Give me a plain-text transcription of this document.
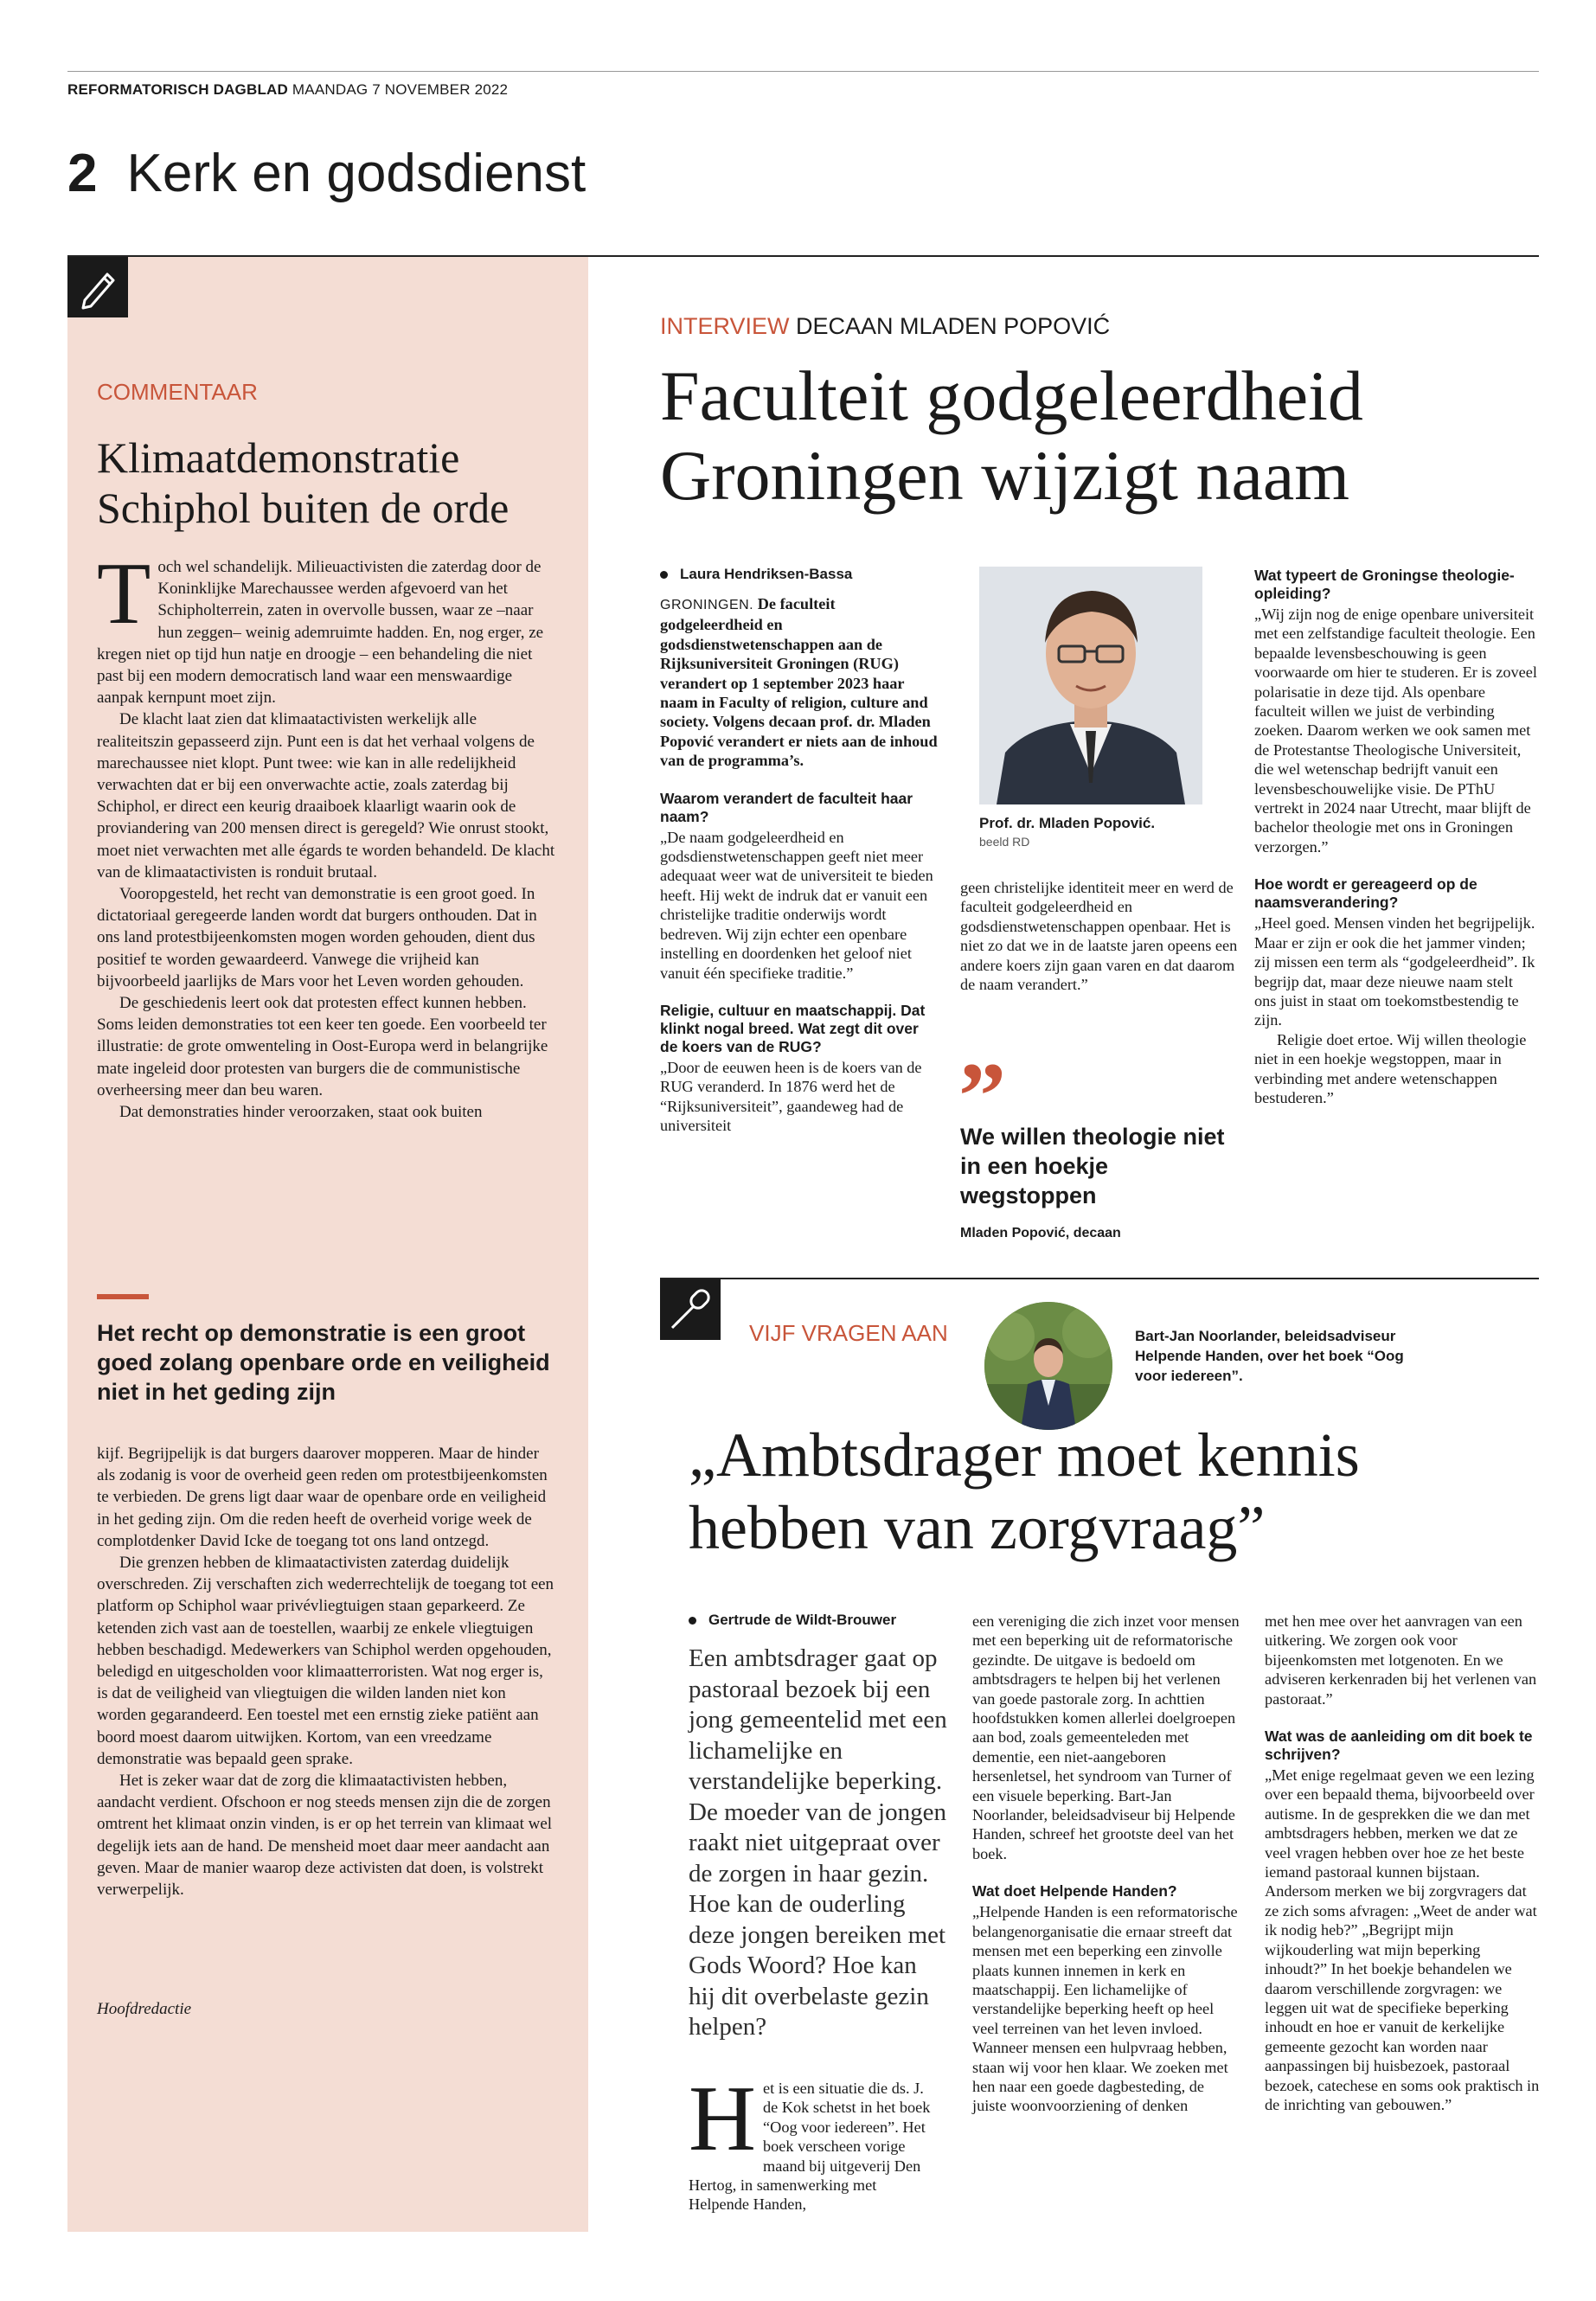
REFORMATORISCH DAGBLAD MAANDAG 7 NOVEMBER 2022
2 Kerk en godsdienst
COMMENTAAR
Klimaatdemonstratie Schiphol buiten de orde

Toch wel schandelijk. Milieuactivisten die zaterdag door de Koninklijke Marechaussee werden afgevoerd van het Schipholterrein, zaten in overvolle bussen, waar ze –naar hun zeggen– weinig ademruimte hadden. En, nog erger, ze kregen niet op tijd hun natje en droogje – een behandeling die niet past bij een modern democratisch land waar een menswaardige aanpak kernpunt moet zijn.

De klacht laat zien dat klimaatactivisten werkelijk alle realiteitszin gepasseerd zijn. Punt een is dat het verhaal volgens de marechaussee niet klopt. Punt twee: wie kan in alle redelijkheid verwachten dat er bij een onverwachte actie, zoals zaterdag bij Schiphol, er direct een keurig draaiboek klaarligt waarin ook de proviandering van 200 mensen direct is geregeld? Wie onrust stookt, moet niet verwachten met alle égards te worden behandeld. De klacht van de klimaatactivisten is ronduit brutaal.

Vooropgesteld, het recht van demonstratie is een groot goed. In dictatoriaal geregeerde landen wordt dat burgers onthouden. Dat in ons land protestbijeenkomsten mogen worden gehouden, dient dus positief te worden gewaardeerd. Vanwege die vrijheid kan bijvoorbeeld jaarlijks de Mars voor het Leven worden gehouden.

De geschiedenis leert ook dat protesten effect kunnen hebben. Soms leiden demonstraties tot een keer ten goede. Een voorbeeld ter illustratie: de grote omwenteling in Oost-Europa werd in belangrijke mate ingeleid door protesten van burgers die de communistische overheersing meer dan beu waren.

Dat demonstraties hinder veroorzaken, staat ook buiten

Het recht op demonstratie is een groot goed zolang openbare orde en veiligheid niet in het geding zijn

kijf. Begrijpelijk is dat burgers daarover mopperen. Maar de hinder als zodanig is voor de overheid geen reden om protestbijeenkomsten te verbieden. De grens ligt daar waar de openbare orde en veiligheid in het geding zijn. Om die reden heeft de overheid vorige week de complotdenker David Icke de toegang tot ons land ontzegd.

Die grenzen hebben de klimaatactivisten zaterdag duidelijk overschreden. Zij verschaften zich wederrechtelijk de toegang tot een platform op Schiphol waar privévliegtuigen staan geparkeerd. Ze ketenden zich vast aan de toestellen, waarbij ze enkele vliegtuigen hebben beschadigd. Medewerkers van Schiphol werden opgehouden, beledigd en uitgescholden voor klimaatterroristen. Wat nog erger is, is dat de veiligheid van vliegtuigen die wilden landen niet kon worden gegarandeerd. Een toestel met een ernstig zieke patiënt aan boord moest daarom uitwijken. Kortom, van een vreedzame demonstratie was bepaald geen sprake.

Het is zeker waar dat de zorg die klimaatactivisten hebben, aandacht verdient. Ofschoon er nog steeds mensen zijn die de zorgen omtrent het klimaat onzin vinden, is er op het terrein van klimaat wel degelijk iets aan de hand. De mensheid moet daar meer aandacht aan geven. Maar de manier waarop deze activisten dat doen, is volstrekt verwerpelijk.

Hoofdredactie
INTERVIEW DECAAN MLADEN POPOVIĆ
Faculteit godgeleerdheid Groningen wijzigt naam
Laura Hendriksen-Bassa

GRONINGEN. De faculteit godgeleerdheid en godsdienstwetenschappen aan de Rijksuniversiteit Groningen (RUG) verandert op 1 september 2023 haar naam in Faculty of religion, culture and society. Volgens decaan prof. dr. Mladen Popović verandert er niets aan de inhoud van de programma’s.

Waarom verandert de faculteit haar naam?

„De naam godgeleerdheid en godsdienstwetenschappen geeft niet meer adequaat weer wat de universiteit te bieden heeft. Hij wekt de indruk dat er vanuit een christelijke traditie onderwijs wordt bedreven. Wij zijn echter een openbare instelling en doordenken het geloof niet vanuit één specifieke traditie.”

Religie, cultuur en maatschappij. Dat klinkt nogal breed. Wat zegt dit over de koers van de RUG?

„Door de eeuwen heen is de koers van de RUG veranderd. In 1876 werd het de “Rijksuniversiteit”, gaandeweg had de universiteit

Prof. dr. Mladen Popović. beeld RD

geen christelijke identiteit meer en werd de faculteit godgeleerdheid en godsdienstwetenschappen openbaar. Het is niet zo dat we in de laatste jaren opeens een andere koers zijn gaan varen en dat daarom de naam verandert.”

”
We willen theologie niet in een hoekje wegstoppen
Mladen Popović, decaan
Wat typeert de Groningse theologie-opleiding?

„Wij zijn nog de enige openbare universiteit met een zelfstandige faculteit theologie. Een bepaalde levensbeschouwing is geen voorwaarde om hier te studeren. Er is zoveel polarisatie in deze tijd. Als openbare faculteit willen we juist de verbinding zoeken. Daarom werken we ook samen met de Protestantse Theologische Universiteit, die wel wetenschap bedrijft vanuit een levensbeschouwelijke visie. De PThU vertrekt in 2024 naar Utrecht, maar blijft de bachelor theologie met ons in Groningen verzorgen.”

Hoe wordt er gereageerd op de naamsverandering?

„Heel goed. Mensen vinden het begrijpelijk. Maar er zijn er ook die het jammer vinden; zij missen een term als “godgeleerdheid”. Ik begrijp dat, maar deze nieuwe naam stelt ons juist in staat om toekomstbestendig te zijn.

Religie doet ertoe. Wij willen theologie niet in een hoekje wegstoppen, maar in verbinding met andere wetenschappen bestuderen.”

VIJF VRAGEN AAN	Bart-Jan Noorlander, beleidsadviseur Helpende Handen, over het boek “Oog voor iedereen”.
„Ambtsdrager moet kennis hebben van zorgvraag”
Gertrude de Wildt-Brouwer
Een ambtsdrager gaat op pastoraal bezoek bij een jong gemeentelid met een lichamelijke en verstandelijke beperking. De moeder van de jongen raakt niet uitgepraat over de zorgen in haar gezin. Hoe kan de ouderling deze jongen bereiken met Gods Woord? Hoe kan hij dit overbelaste gezin helpen?

Het is een situatie die ds. J. de Kok schetst in het boek “Oog voor iedereen”. Het boek verscheen vorige maand bij uitgeverij Den Hertog, in samenwerking met Helpende Handen,

een vereniging die zich inzet voor mensen met een beperking uit de reformatorische gezindte. De uitgave is bedoeld om ambtsdragers te helpen bij het verlenen van goede pastorale zorg. In achttien hoofdstukken komen allerlei doelgroepen aan bod, zoals gemeenteleden met dementie, een niet-aangeboren hersenletsel, het syndroom van Turner of een visuele beperking. Bart-Jan Noorlander, beleidsadviseur bij Helpende Handen, schreef het grootste deel van het boek.

Wat doet Helpende Handen?

„Helpende Handen is een reformatorische belangenorganisatie die ernaar streeft dat mensen met een beperking een zinvolle plaats kunnen innemen in kerk en maatschappij. Een lichamelijke of verstandelijke beperking heeft op heel veel terreinen van het leven invloed. Wanneer mensen een hulpvraag hebben, staan wij voor hen klaar. We zoeken met hen naar een goede dagbesteding, de juiste woonvoorziening of denken

met hen mee over het aanvragen van een uitkering. We zorgen ook voor bijeenkomsten met lotgenoten. En we adviseren kerkenraden bij het verlenen van pastoraat.”

Wat was de aanleiding om dit boek te schrijven?

„Met enige regelmaat geven we een lezing over een bepaald thema, bijvoorbeeld over autisme. In de gesprekken die we dan met ambtsdragers hebben, merken we dat ze veel vragen hebben over hoe ze het beste iemand pastoraal kunnen bijstaan. Andersom merken we bij zorgvragers dat ze zich soms afvragen: „Weet de ander wat ik nodig heb?” „Begrijpt mijn wijkouderling wat mijn beperking inhoudt?” In het boekje behandelen we daarom verschillende zorgvragen: we leggen uit wat de specifieke beperking inhoudt en hoe er vanuit de kerkelijke gemeente gezocht kan worden naar aanpassingen bij huisbezoek, pastoraal bezoek, catechese en soms ook praktisch in de inrichting van gebouwen.”
